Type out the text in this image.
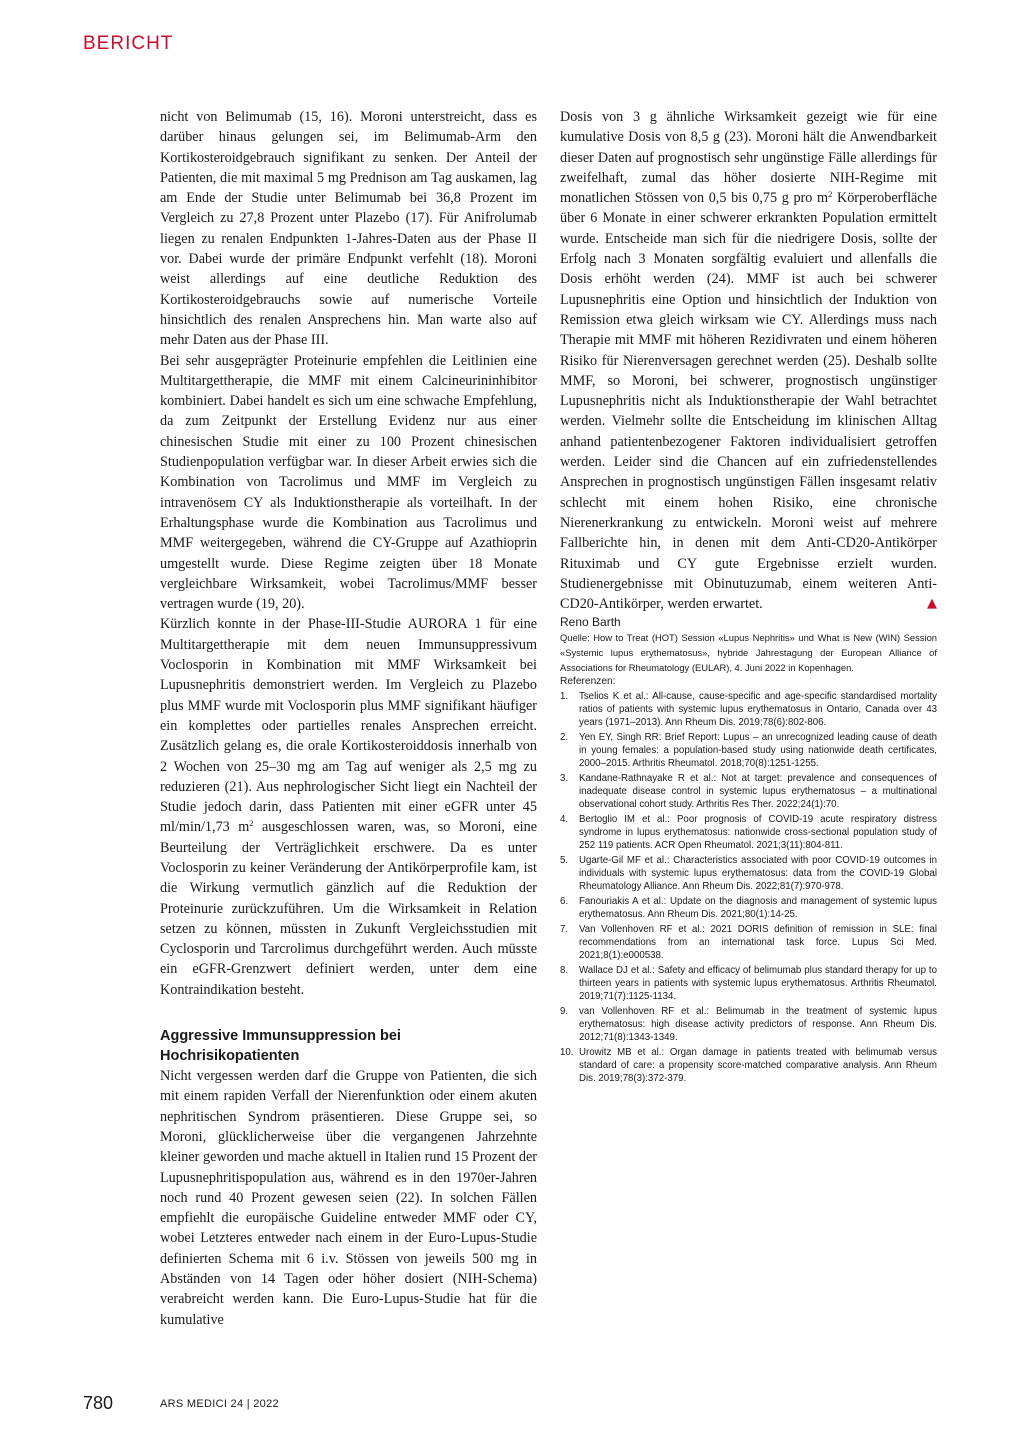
BERICHT

nicht von Belimumab (15, 16). Moroni unterstreicht, dass es darüber hinaus gelungen sei, im Belimumab-Arm den Kortikosteroidgebrauch signifikant zu senken. Der Anteil der Patienten, die mit maximal 5 mg Prednison am Tag auskamen, lag am Ende der Studie unter Belimumab bei 36,8 Prozent im Vergleich zu 27,8 Prozent unter Plazebo (17). Für Anifrolumab liegen zu renalen Endpunkten 1-Jahres-Daten aus der Phase II vor. Dabei wurde der primäre Endpunkt verfehlt (18). Moroni weist allerdings auf eine deutliche Reduktion des Kortikosteroidgebrauchs sowie auf numerische Vorteile hinsichtlich des renalen Ansprechens hin. Man warte also auf mehr Daten aus der Phase III.

Bei sehr ausgeprägter Proteinurie empfehlen die Leitlinien eine Multitargettherapie, die MMF mit einem Calcineurininhibitor kombiniert. Dabei handelt es sich um eine schwache Empfehlung, da zum Zeitpunkt der Erstellung Evidenz nur aus einer chinesischen Studie mit einer zu 100 Prozent chinesischen Studienpopulation verfügbar war. In dieser Arbeit erwies sich die Kombination von Tacrolimus und MMF im Vergleich zu intravenösem CY als Induktionstherapie als vorteilhaft. In der Erhaltungsphase wurde die Kombination aus Tacrolimus und MMF weitergegeben, während die CY-Gruppe auf Azathioprin umgestellt wurde. Diese Regime zeigten über 18 Monate vergleichbare Wirksamkeit, wobei Tacrolimus/MMF besser vertragen wurde (19, 20).

Kürzlich konnte in der Phase-III-Studie AURORA 1 für eine Multitargettherapie mit dem neuen Immunsuppressivum Voclosporin in Kombination mit MMF Wirksamkeit bei Lupusnephritis demonstriert werden. Im Vergleich zu Plazebo plus MMF wurde mit Voclosporin plus MMF signifikant häufiger ein komplettes oder partielles renales Ansprechen erreicht. Zusätzlich gelang es, die orale Kortikosteroiddosis innerhalb von 2 Wochen von 25–30 mg am Tag auf weniger als 2,5 mg zu reduzieren (21). Aus nephrologischer Sicht liegt ein Nachteil der Studie jedoch darin, dass Patienten mit einer eGFR unter 45 ml/min/1,73 $m^2$ ausgeschlossen waren, was, so Moroni, eine Beurteilung der Verträglichkeit erschwere. Da es unter Voclosporin zu keiner Veränderung der Antikörperprofile kam, ist die Wirkung vermutlich gänzlich auf die Reduktion der Proteinurie zurückzuführen. Um die Wirksamkeit in Relation setzen zu können, müssten in Zukunft Vergleichsstudien mit Cyclosporin und Tarcrolimus durchgeführt werden. Auch müsste ein eGFR-Grenzwert definiert werden, unter dem eine Kontraindikation besteht.

Aggressive Immunsuppression bei
Hochrisikopatienten

Nicht vergessen werden darf die Gruppe von Patienten, die sich mit einem rapiden Verfall der Nierenfunktion oder einem akuten nephritischen Syndrom präsentieren. Diese Gruppe sei, so Moroni, glücklicherweise über die vergangenen Jahrzehnte kleiner geworden und mache aktuell in Italien rund 15 Prozent der Lupusnephritispopulation aus, während es in den 1970er-Jahren noch rund 40 Prozent gewesen seien (22). In solchen Fällen empfiehlt die europäische Guideline entweder MMF oder CY, wobei Letzteres entweder nach einem in der Euro-Lupus-Studie definierten Schema mit 6 i.v. Stössen von jeweils 500 mg in Abständen von 14 Tagen oder höher dosiert (NIH-Schema) verabreicht werden kann. Die Euro-Lupus-Studie hat für die kumulative

Dosis von 3 g ähnliche Wirksamkeit gezeigt wie für eine kumulative Dosis von 8,5 g (23). Moroni hält die Anwendbarkeit dieser Daten auf prognostisch sehr ungünstige Fälle allerdings für zweifelhaft, zumal das höher dosierte NIH-Regime mit monatlichen Stössen von 0,5 bis 0,75 g pro $m^2$ Körperoberfläche über 6 Monate in einer schwerer erkrankten Population ermittelt wurde. Entscheide man sich für die niedrigere Dosis, sollte der Erfolg nach 3 Monaten sorgfältig evaluiert und allenfalls die Dosis erhöht werden (24). MMF ist auch bei schwerer Lupusnephritis eine Option und hinsichtlich der Induktion von Remission etwa gleich wirksam wie CY. Allerdings muss nach Therapie mit MMF mit höheren Rezidivraten und einem höheren Risiko für Nierenversagen gerechnet werden (25). Deshalb sollte MMF, so Moroni, bei schwerer, prognostisch ungünstiger Lupusnephritis nicht als Induktionstherapie der Wahl betrachtet werden. Vielmehr sollte die Entscheidung im klinischen Alltag anhand patientenbezogener Faktoren individualisiert getroffen werden. Leider sind die Chancen auf ein zufriedenstellendes Ansprechen in prognostisch ungünstigen Fällen insgesamt relativ schlecht mit einem hohen Risiko, eine chronische Nierenerkrankung zu entwickeln. Moroni weist auf mehrere Fallberichte hin, in denen mit dem Anti-CD20-Antikörper Rituximab und CY gute Ergebnisse erzielt wurden. Studienergebnisse mit Obinutuzumab, einem weiteren Anti-CD20-Antikörper, werden erwartet.	▲

Reno Barth

Quelle: How to Treat (HOT) Session «Lupus Nephritis» und What is New (WIN) Session «Systemic lupus erythematosus», hybride Jahrestagung der European Alliance of Associations for Rheumatology (EULAR), 4. Juni 2022 in Kopenhagen.

Referenzen:

1. Tselios K et al.: All-cause, cause-specific and age-specific standardised mortality ratios of patients with systemic lupus erythematosus in Ontario, Canada over 43 years (1971–2013). Ann Rheum Dis. 2019;78(6):802-806.
2. Yen EY, Singh RR: Brief Report: Lupus – an unrecognized leading cause of death in young females: a population-based study using nationwide death certificates, 2000–2015. Arthritis Rheumatol. 2018;70(8):1251-1255.
3. Kandane-Rathnayake R et al.: Not at target: prevalence and consequences of inadequate disease control in systemic lupus erythematosus – a multinational observational cohort study. Arthritis Res Ther. 2022;24(1):70.
4. Bertoglio IM et al.: Poor prognosis of COVID-19 acute respiratory distress syndrome in lupus erythematosus: nationwide cross-sectional population study of 252 119 patients. ACR Open Rheumatol. 2021;3(11):804-811.
5. Ugarte-Gil MF et al.: Characteristics associated with poor COVID-19 outcomes in individuals with systemic lupus erythematosus: data from the COVID-19 Global Rheumatology Alliance. Ann Rheum Dis. 2022;81(7):970-978.
6. Fanouriakis A et al.: Update on the diagnosis and management of systemic lupus erythematosus. Ann Rheum Dis. 2021;80(1):14-25.
7. Van Vollenhoven RF et al.: 2021 DORIS definition of remission in SLE: final recommendations from an international task force. Lupus Sci Med. 2021;8(1):e000538.
8. Wallace DJ et al.: Safety and efficacy of belimumab plus standard therapy for up to thirteen years in patients with systemic lupus erythematosus. Arthritis Rheumatol. 2019;71(7):1125-1134.
9. van Vollenhoven RF et al.: Belimumab in the treatment of systemic lupus erythematosus: high disease activity predictors of response. Ann Rheum Dis. 2012;71(8):1343-1349.
10. Urowitz MB et al.: Organ damage in patients treated with belimumab versus standard of care: a propensity score-matched comparative analysis. Ann Rheum Dis. 2019;78(3):372-379.
780	ARS MEDICI 24 | 2022
